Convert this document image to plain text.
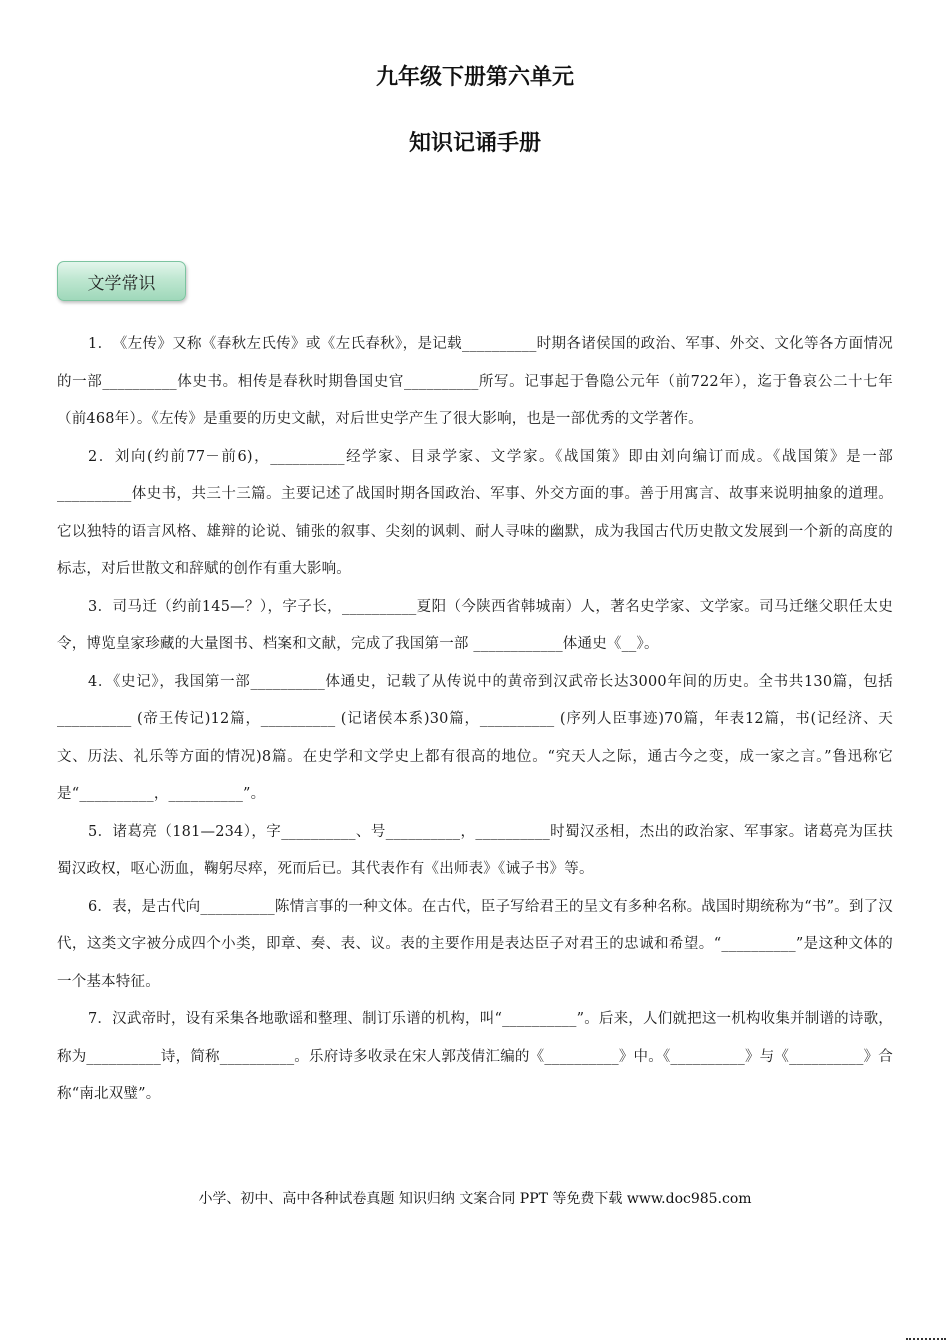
九年级下册第六单元
知识记诵手册
文学常识

1．　《左传》又称《春秋左氏传》或《左氏春秋》，是记载__________时期各诸侯国的政治、军事、外交、文化等各方面情况的一部__________体史书。相传是春秋时期鲁国史官__________所写。记事起于鲁隐公元年（前722年），迄于鲁哀公二十七年（前468年）。《左传》是重要的历史文献，对后世史学产生了很大影响，也是一部优秀的文学著作。

2．刘向(约前77－前6)，__________经学家、目录学家、文学家。《战国策》即由刘向编订而成。《战国策》是一部__________体史书，共三十三篇。主要记述了战国时期各国政治、军事、外交方面的事。善于用寓言、故事来说明抽象的道理。它以独特的语言风格、雄辩的论说、铺张的叙事、尖刻的讽刺、耐人寻味的幽默，成为我国古代历史散文发展到一个新的高度的标志，对后世散文和辞赋的创作有重大影响。

3．司马迁（约前145—？），字子长，__________夏阳（今陕西省韩城南）人，著名史学家、文学家。司马迁继父职任太史令，博览皇家珍藏的大量图书、档案和文献，完成了我国第一部 ____________体通史《__》。

4．《史记》，我国第一部__________体通史，记载了从传说中的黄帝到汉武帝长达3000年间的历史。全书共130篇，包括__________ (帝王传记)12篇，__________ (记诸侯本系)30篇，__________ (序列人臣事迹)70篇，年表12篇，书(记经济、天文、历法、礼乐等方面的情况)8篇。在史学和文学史上都有很高的地位。“究天人之际，通古今之变，成一家之言。”鲁迅称它是“__________，__________”。

5．诸葛亮（181—234），字__________、号__________，__________时蜀汉丞相，杰出的政治家、军事家。诸葛亮为匡扶蜀汉政权，呕心沥血，鞠躬尽瘁，死而后已。其代表作有《出师表》《诫子书》等。

6．表，是古代向__________陈情言事的一种文体。在古代，臣子写给君王的呈文有多种名称。战国时期统称为“书”。到了汉代，这类文字被分成四个小类，即章、奏、表、议。表的主要作用是表达臣子对君王的忠诚和希望。“__________”是这种文体的一个基本特征。

7．汉武帝时，设有采集各地歌谣和整理、制订乐谱的机构，叫“__________”。后来，人们就把这一机构收集并制谱的诗歌，称为__________诗，简称__________。乐府诗多收录在宋人郭茂倩汇编的《__________》中。《__________》与《__________》合称“南北双璧”。

小学、初中、高中各种试卷真题 知识归纳 文案合同 PPT 等免费下载 www.doc985.com
